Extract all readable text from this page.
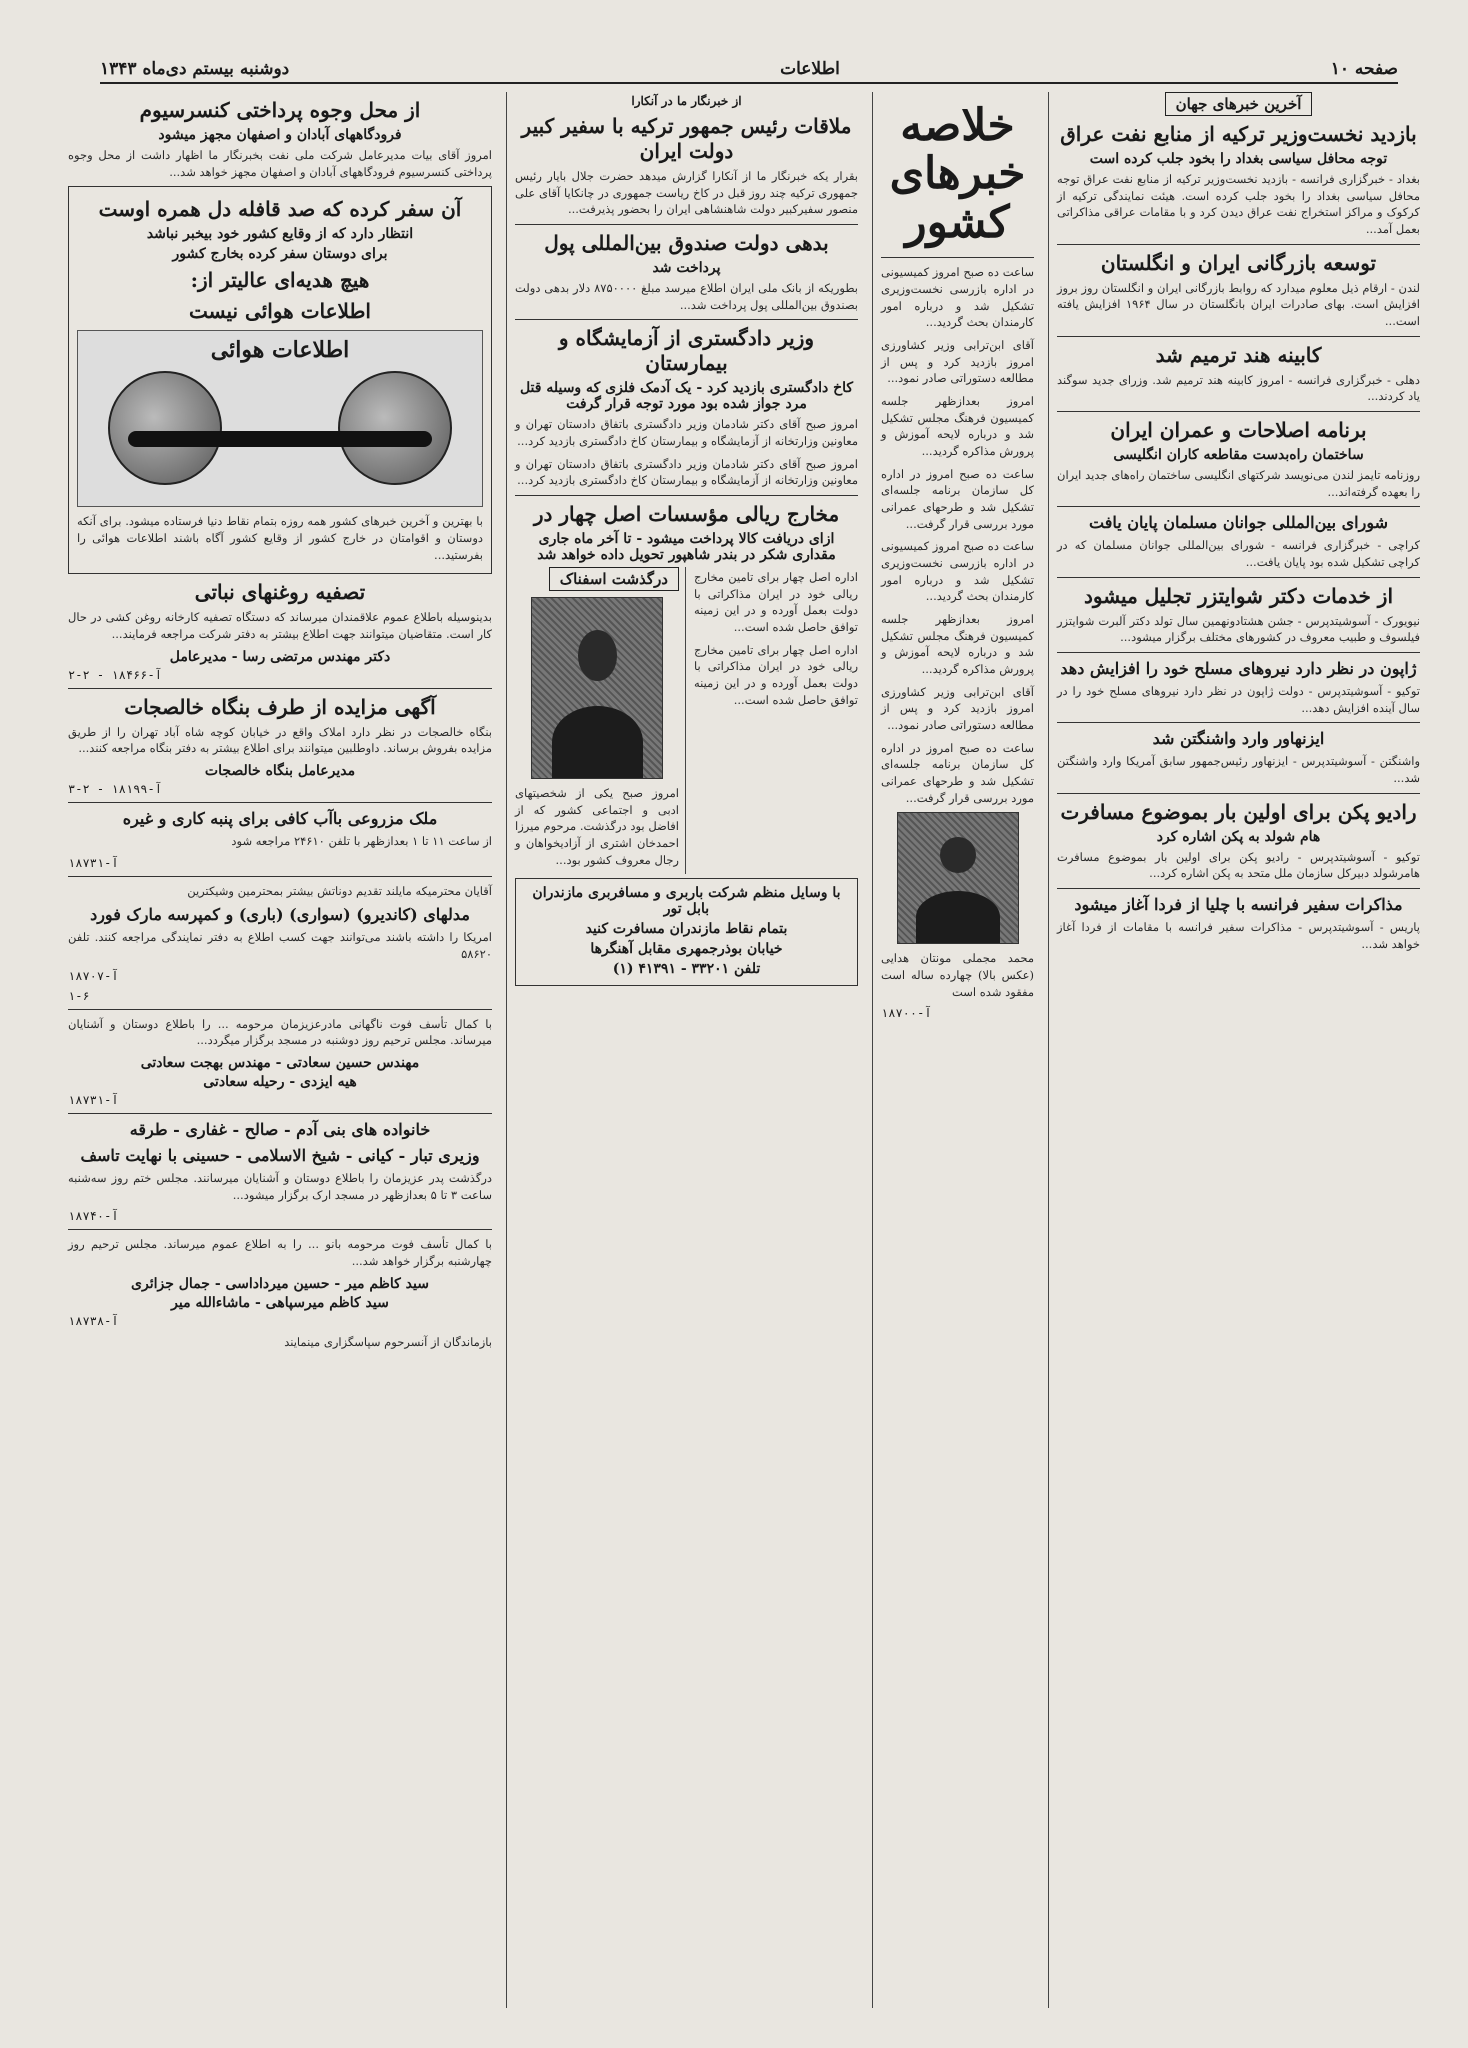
صفحه ۱۰
اطلاعات
دوشنبه بیستم دی‌ماه ۱۳۴۳
آخرین خبرهای جهان
بازدید نخست‌وزیر ترکیه از منابع نفت عراق
توجه محافل سیاسی بغداد را بخود جلب کرده است

بغداد - خبرگزاری فرانسه - بازدید نخست‌وزیر ترکیه از منابع نفت عراق توجه محافل سیاسی بغداد را بخود جلب کرده است. هیئت نمایندگی ترکیه از کرکوک و مراکز استخراج نفت عراق دیدن کرد و با مقامات عراقی مذاکراتی بعمل آمد...

توسعه بازرگانی ایران و انگلستان

لندن - ارقام ذیل معلوم میدارد که روابط بازرگانی ایران و انگلستان روز بروز افزایش است. بهای صادرات ایران بانگلستان در سال ۱۹۶۴ افزایش یافته است...

کابینه هند ترمیم شد

دهلی - خبرگزاری فرانسه - امروز کابینه هند ترمیم شد. وزرای جدید سوگند یاد کردند...

برنامه اصلاحات و عمران ایران
ساختمان راه‌بدست مقاطعه کاران انگلیسی

روزنامه تایمز لندن می‌نویسد شرکتهای انگلیسی ساختمان راه‌های جدید ایران را بعهده گرفته‌اند...

شورای بین‌المللی جوانان مسلمان پایان یافت

کراچی - خبرگزاری فرانسه - شورای بین‌المللی جوانان مسلمان که در کراچی تشکیل شده بود پایان یافت...

از خدمات دکتر شوایتزر تجلیل میشود

نیویورک - آسوشیتدپرس - جشن هشتادونهمین سال تولد دکتر آلبرت شوایتزر فیلسوف و طبیب معروف در کشورهای مختلف برگزار میشود...

ژاپون در نظر دارد نیروهای مسلح خود را افزایش دهد

توکیو - آسوشیتدپرس - دولت ژاپون در نظر دارد نیروهای مسلح خود را در سال آینده افزایش دهد...

ایزنهاور وارد واشنگتن شد

واشنگتن - آسوشیتدپرس - ایزنهاور رئیس‌جمهور سابق آمریکا وارد واشنگتن شد...

رادیو پکن برای اولین بار بموضوع مسافرت
هام شولد به پکن اشاره کرد

توکیو - آسوشیتدپرس - رادیو پکن برای اولین بار بموضوع مسافرت هامرشولد دبیرکل سازمان ملل متحد به پکن اشاره کرد...

مذاکرات سفیر فرانسه با چلیا از فردا آغاز میشود

پاریس - آسوشیتدپرس - مذاکرات سفیر فرانسه با مقامات از فردا آغاز خواهد شد...

خلاصه خبرهای کشور

ساعت ده صبح امروز کمیسیونی در اداره بازرسی نخست‌وزیری تشکیل شد و درباره امور کارمندان بحث گردید...

آقای ابن‌ترابی وزیر کشاورزی امروز بازدید کرد و پس از مطالعه دستوراتی صادر نمود...

امروز بعدازظهر جلسه کمیسیون فرهنگ مجلس تشکیل شد و درباره لایحه آموزش و پرورش مذاکره گردید...

ساعت ده صبح امروز در اداره کل سازمان برنامه جلسه‌ای تشکیل شد و طرحهای عمرانی مورد بررسی قرار گرفت...

ساعت ده صبح امروز کمیسیونی در اداره بازرسی نخست‌وزیری تشکیل شد و درباره امور کارمندان بحث گردید...

امروز بعدازظهر جلسه کمیسیون فرهنگ مجلس تشکیل شد و درباره لایحه آموزش و پرورش مذاکره گردید...

آقای ابن‌ترابی وزیر کشاورزی امروز بازدید کرد و پس از مطالعه دستوراتی صادر نمود...

ساعت ده صبح امروز در اداره کل سازمان برنامه جلسه‌ای تشکیل شد و طرحهای عمرانی مورد بررسی قرار گرفت...

محمد مجملی مونتان هدایی (عکس بالا) چهارده ساله است مفقود شده است

آ-۱۸۷۰۰
از خبرنگار ما در آنکارا
ملاقات رئیس جمهور ترکیه با سفیر کبیر دولت ایران

بقرار یکه خبرنگار ما از آنکارا گزارش میدهد حضرت جلال بایار رئیس جمهوری ترکیه چند روز قبل در کاخ ریاست جمهوری در چانکایا آقای علی منصور سفیرکبیر دولت شاهنشاهی ایران را بحضور پذیرفت...

بدهی دولت صندوق بین‌المللی پول
پرداخت شد

بطوریکه از بانک ملی ایران اطلاع میرسد مبلغ ۸۷۵۰۰۰۰ دلار بدهی دولت بصندوق بین‌المللی پول پرداخت شد...

وزیر دادگستری از آزمایشگاه و بیمارستان
کاخ دادگستری بازدید کرد - یک آدمک فلزی که وسیله قتل مرد جواز شده بود مورد توجه قرار گرفت

امروز صبح آقای دکتر شادمان وزیر دادگستری باتفاق دادستان تهران و معاونین وزارتخانه از آزمایشگاه و بیمارستان کاخ دادگستری بازدید کرد...

امروز صبح آقای دکتر شادمان وزیر دادگستری باتفاق دادستان تهران و معاونین وزارتخانه از آزمایشگاه و بیمارستان کاخ دادگستری بازدید کرد...

مخارج ریالی مؤسسات اصل چهار در
ازای دریافت کالا پرداخت میشود - تا آخر ماه جاری مقداری شکر در بندر شاهپور تحویل داده خواهد شد

اداره اصل چهار برای تامین مخارج ریالی خود در ایران مذاکراتی با دولت بعمل آورده و در این زمینه توافق حاصل شده است...

اداره اصل چهار برای تامین مخارج ریالی خود در ایران مذاکراتی با دولت بعمل آورده و در این زمینه توافق حاصل شده است...

درگذشت اسفناک

امروز صبح یکی از شخصیتهای ادبی و اجتماعی کشور که از افاضل بود درگذشت. مرحوم میرزا احمدخان اشتری از آزادیخواهان و رجال معروف کشور بود...

با وسایل منظم شرکت باربری و مسافربری مازندران بابل تور
بتمام نقاط مازندران مسافرت کنید
خیابان بوذرجمهری مقابل آهنگرها
تلفن ۳۳۲۰۱ - ۴۱۳۹۱ (۱)
از محل وجوه پرداختی کنسرسیوم
فرودگاههای آبادان و اصفهان مجهز میشود

امروز آقای بیات مدیرعامل شرکت ملی نفت بخبرنگار ما اظهار داشت از محل وجوه پرداختی کنسرسیوم فرودگاههای آبادان و اصفهان مجهز خواهد شد...

آن سفر کرده که صد قافله دل همره اوست
انتظار دارد که از وقایع کشور خود بیخبر نباشد
برای دوستان سفر کرده بخارج کشور
هیچ هدیه‌ای عالیتر از:
اطلاعات هوائی نیست
اطلاعات هوائی

با بهترین و آخرین خبرهای کشور همه روزه بتمام نقاط دنیا فرستاده میشود. برای آنکه دوستان و اقوامتان در خارج کشور از وقایع کشور آگاه باشند اطلاعات هوائی را بفرستید...

تصفیه روغنهای نباتی

بدینوسیله باطلاع عموم علاقمندان میرساند که دستگاه تصفیه کارخانه روغن کشی در حال کار است. متقاضیان میتوانند جهت اطلاع بیشتر به دفتر شرکت مراجعه فرمایند...

دکتر مهندس مرتضی رسا - مدیرعامل
آ-۱۸۴۶۶ - ۲-۲
آگهی مزایده از طرف بنگاه خالصجات

بنگاه خالصجات در نظر دارد املاک واقع در خیابان کوچه شاه آباد تهران را از طریق مزایده بفروش برساند. داوطلبین میتوانند برای اطلاع بیشتر به دفتر بنگاه مراجعه کنند...

مدیرعامل بنگاه خالصجات
آ-۱۸۱۹۹ - ۲-۳
ملک مزروعی باآب کافی برای پنبه کاری و غیره

از ساعت ۱۱ تا ۱ بعدازظهر با تلفن ۲۴۶۱۰ مراجعه شود

آ-۱۸۷۳۱

آقایان محترمیکه مایلند تقدیم دوناتش بیشتر بمحترمین وشیکترین

مدلهای (کاندیرو) (سواری) (باری) و کمپرسه مارک فورد

امریکا را داشته باشند می‌توانند جهت کسب اطلاع به دفتر نمایندگی مراجعه کنند. تلفن ۵۸۶۲۰

آ-۱۸۷۰۷
۱-۶

با کمال تأسف فوت ناگهانی مادرعزیزمان مرحومه ... را باطلاع دوستان و آشنایان میرساند. مجلس ترحیم روز دوشنبه در مسجد برگزار میگردد...

مهندس حسین سعادتی - مهندس بهجت سعادتی
هیه ایزدی - رحیله سعادتی
آ-۱۸۷۳۱
خانواده های بنی آدم - صالح - غفاری - طرقه
وزیری تبار - کیانی - شیخ الاسلامی - حسینی با نهایت تاسف

درگذشت پدر عزیزمان را باطلاع دوستان و آشنایان میرسانند. مجلس ختم روز سه‌شنبه ساعت ۳ تا ۵ بعدازظهر در مسجد ارک برگزار میشود...

آ-۱۸۷۴۰

با کمال تأسف فوت مرحومه بانو ... را به اطلاع عموم میرساند. مجلس ترحیم روز چهارشنبه برگزار خواهد شد...

سید کاظم میر - حسین میرداداسی - جمال جزائری
سید کاظم میرسپاهی - ماشاءالله میر
آ-۱۸۷۳۸

بازماندگان از آنسرحوم سپاسگزاری مینمایند
